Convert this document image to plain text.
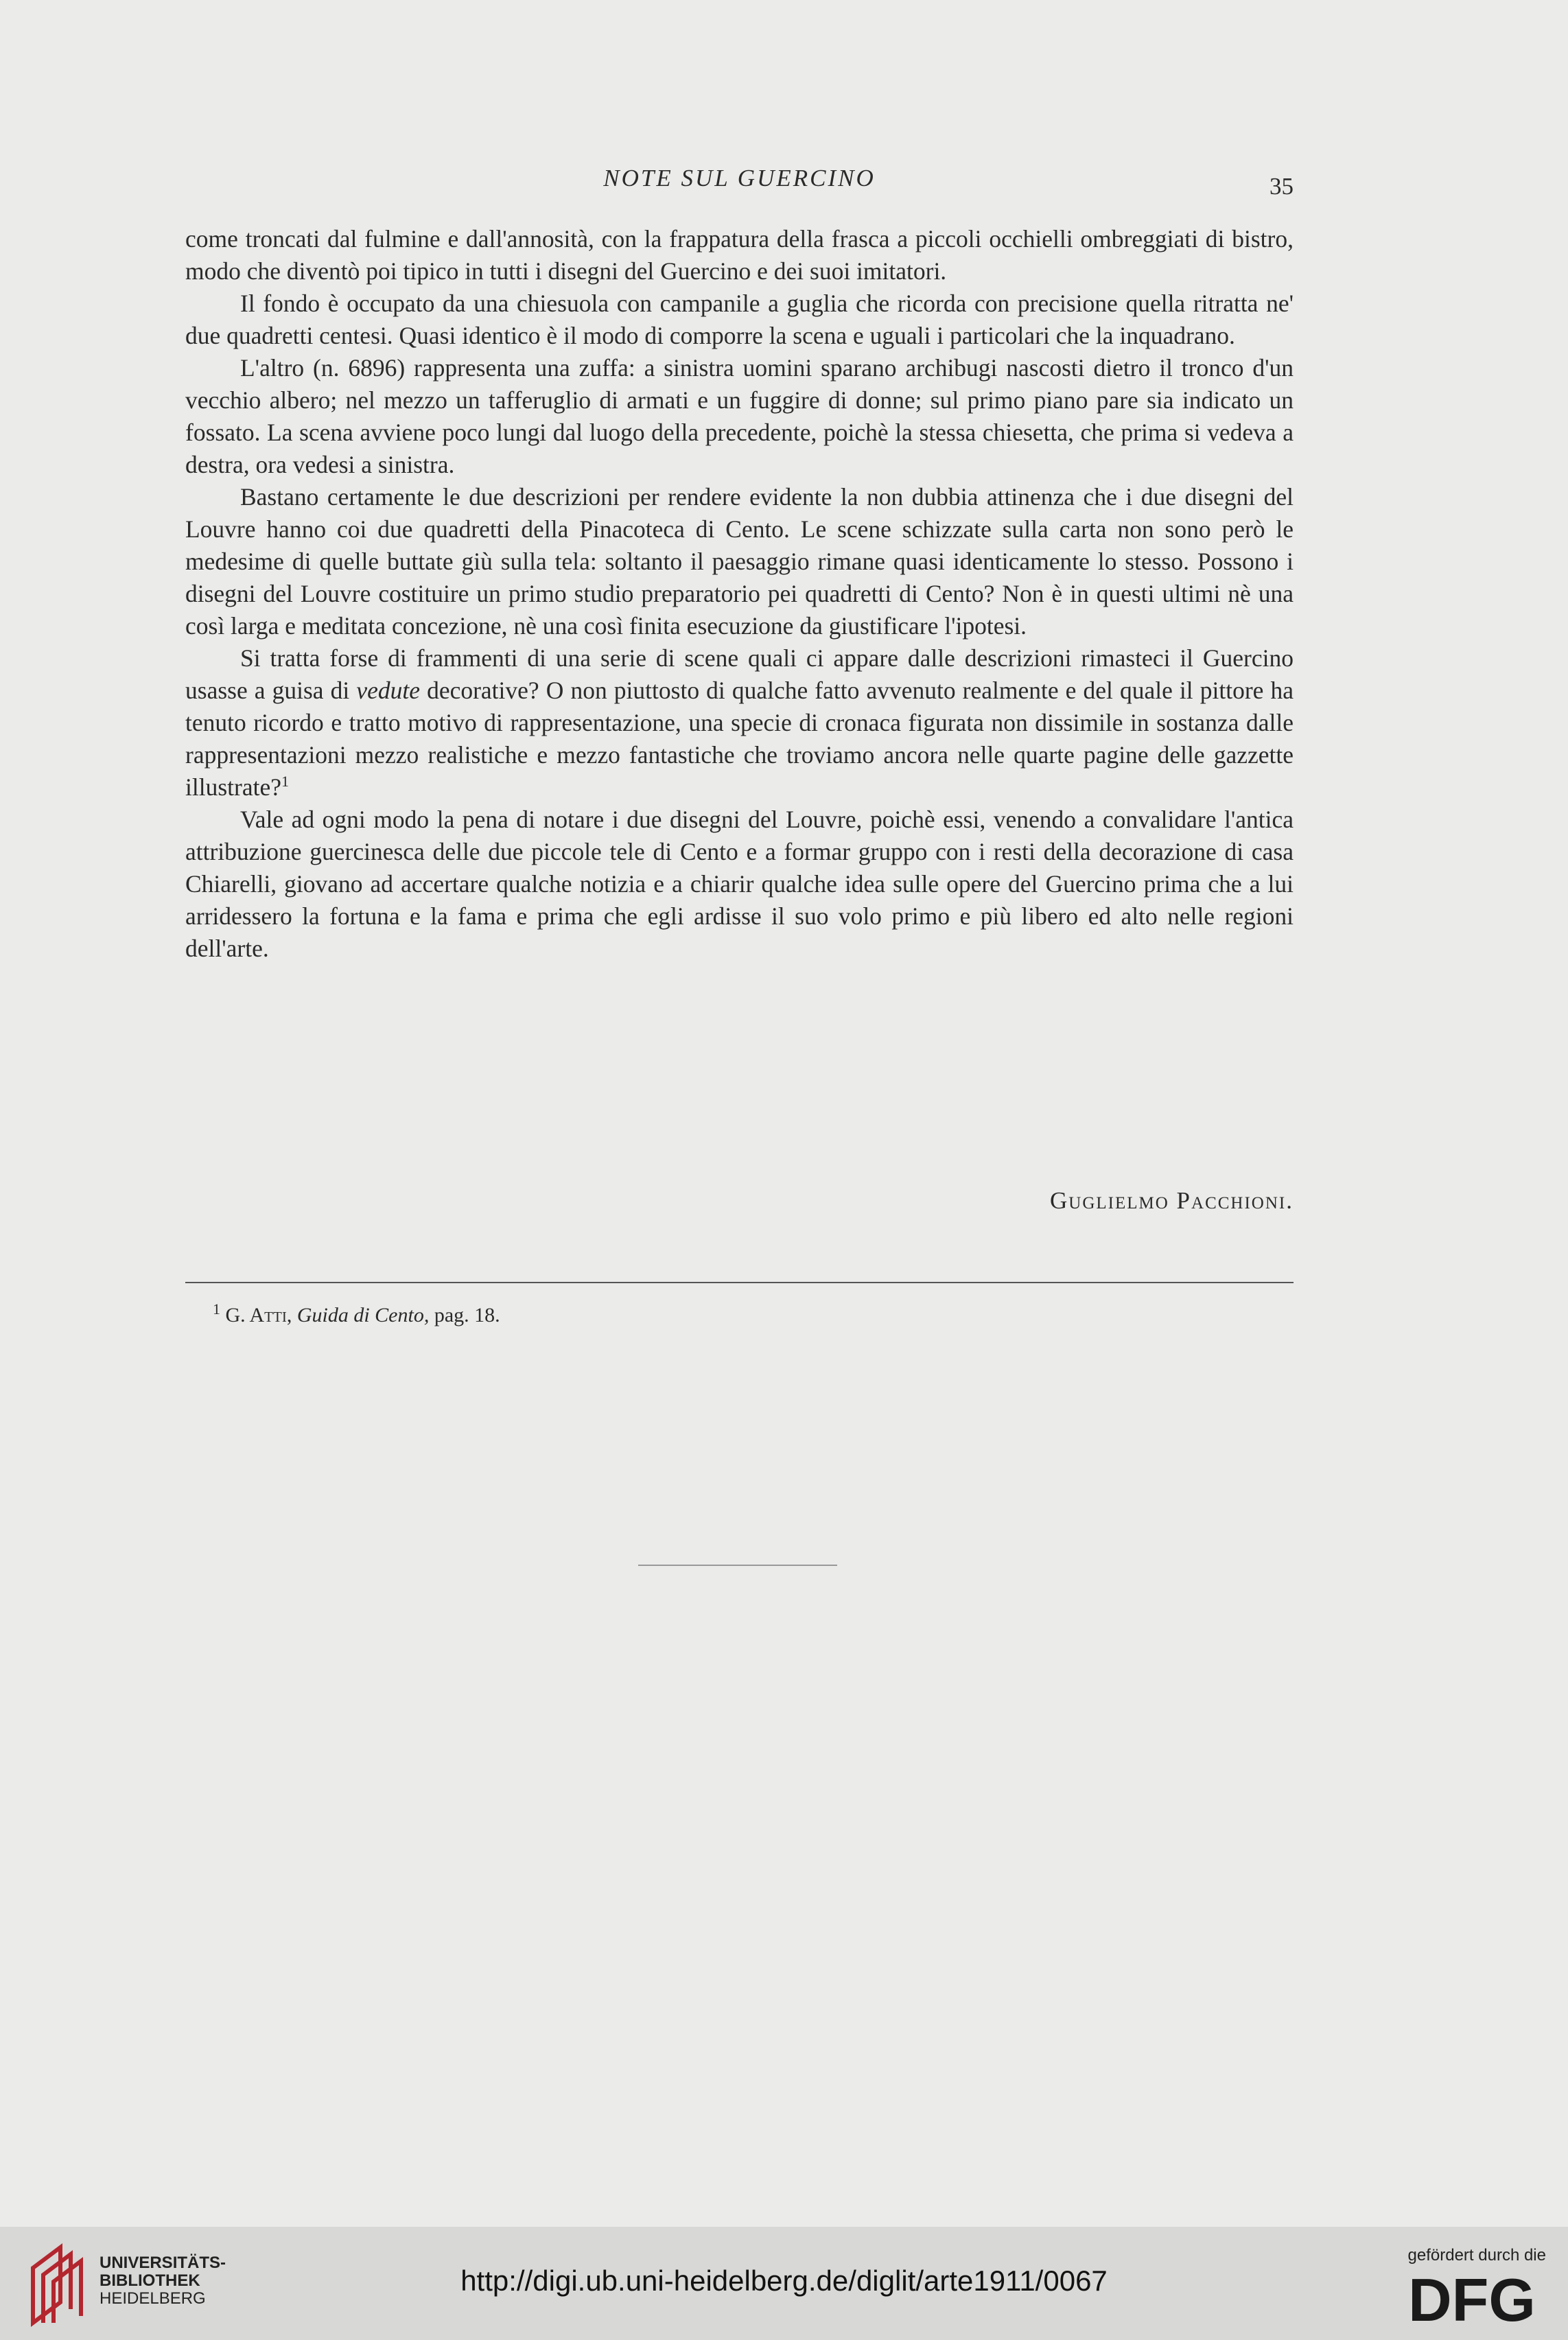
NOTE SUL GUERCINO	35

come troncati dal fulmine e dall'annosità, con la frappatura della frasca a piccoli occhielli ombreggiati di bistro, modo che diventò poi tipico in tutti i disegni del Guercino e dei suoi imitatori.

Il fondo è occupato da una chiesuola con campanile a guglia che ricorda con precisione quella ritratta ne' due quadretti centesi. Quasi identico è il modo di comporre la scena e uguali i particolari che la inquadrano.

L'altro (n. 6896) rappresenta una zuffa: a sinistra uomini sparano archibugi nascosti dietro il tronco d'un vecchio albero; nel mezzo un tafferuglio di armati e un fuggire di donne; sul primo piano pare sia indicato un fossato. La scena avviene poco lungi dal luogo della precedente, poichè la stessa chiesetta, che prima si vedeva a destra, ora vedesi a sinistra.

Bastano certamente le due descrizioni per rendere evidente la non dubbia attinenza che i due disegni del Louvre hanno coi due quadretti della Pinacoteca di Cento. Le scene schizzate sulla carta non sono però le medesime di quelle buttate giù sulla tela: soltanto il paesaggio rimane quasi identicamente lo stesso. Possono i disegni del Louvre costituire un primo studio preparatorio pei quadretti di Cento? Non è in questi ultimi nè una così larga e meditata concezione, nè una così finita esecuzione da giustificare l'ipotesi.

Si tratta forse di frammenti di una serie di scene quali ci appare dalle descrizioni rimasteci il Guercino usasse a guisa di vedute decorative? O non piuttosto di qualche fatto avvenuto realmente e del quale il pittore ha tenuto ricordo e tratto motivo di rappresentazione, una specie di cronaca figurata non dissimile in sostanza dalle rappresentazioni mezzo realistiche e mezzo fantastiche che troviamo ancora nelle quarte pagine delle gazzette illustrate?$^1$

Vale ad ogni modo la pena di notare i due disegni del Louvre, poichè essi, venendo a convalidare l'antica attribuzione guercinesca delle due piccole tele di Cento e a formar gruppo con i resti della decorazione di casa Chiarelli, giovano ad accertare qualche notizia e a chiarir qualche idea sulle opere del Guercino prima che a lui arridessero la fortuna e la fama e prima che egli ardisse il suo volo primo e più libero ed alto nelle regioni dell'arte.

Guglielmo Pacchioni.
$^1$ G. Atti, Guida di Cento, pag. 18.
UNIVERSITÄTS-
BIBLIOTHEK
HEIDELBERG
http://digi.ub.uni-heidelberg.de/diglit/arte1911/0067
gefördert durch die
DFG
